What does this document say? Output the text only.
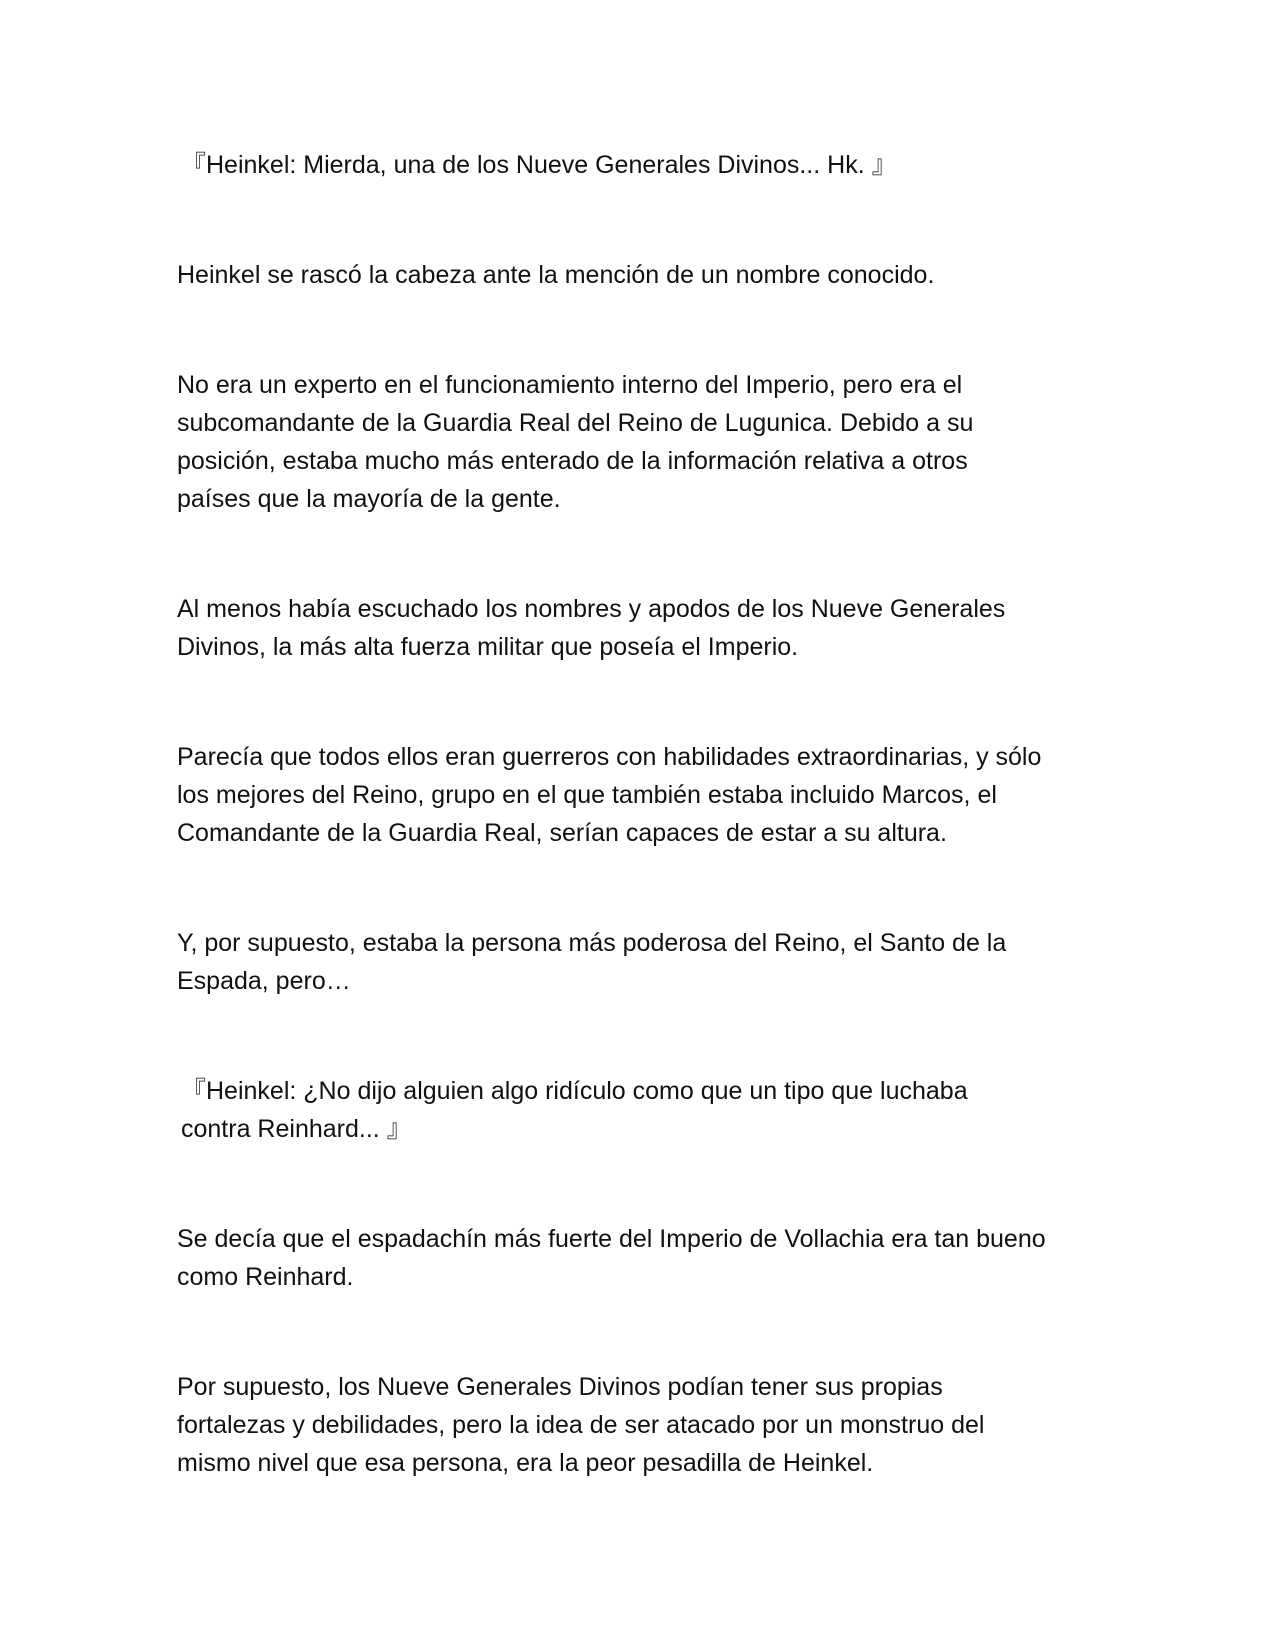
『Heinkel: Mierda, una de los Nueve Generales Divinos... Hk. 』

Heinkel se rascó la cabeza ante la mención de un nombre conocido.

No era un experto en el funcionamiento interno del Imperio, pero era el
subcomandante de la Guardia Real del Reino de Lugunica. Debido a su
posición, estaba mucho más enterado de la información relativa a otros
países que la mayoría de la gente.

Al menos había escuchado los nombres y apodos de los Nueve Generales
Divinos, la más alta fuerza militar que poseía el Imperio.

Parecía que todos ellos eran guerreros con habilidades extraordinarias, y sólo
los mejores del Reino, grupo en el que también estaba incluido Marcos, el
Comandante de la Guardia Real, serían capaces de estar a su altura.

Y, por supuesto, estaba la persona más poderosa del Reino, el Santo de la
Espada, pero…

『Heinkel: ¿No dijo alguien algo ridículo como que un tipo que luchaba
contra Reinhard... 』

Se decía que el espadachín más fuerte del Imperio de Vollachia era tan bueno
como Reinhard.

Por supuesto, los Nueve Generales Divinos podían tener sus propias
fortalezas y debilidades, pero la idea de ser atacado por un monstruo del
mismo nivel que esa persona, era la peor pesadilla de Heinkel.
